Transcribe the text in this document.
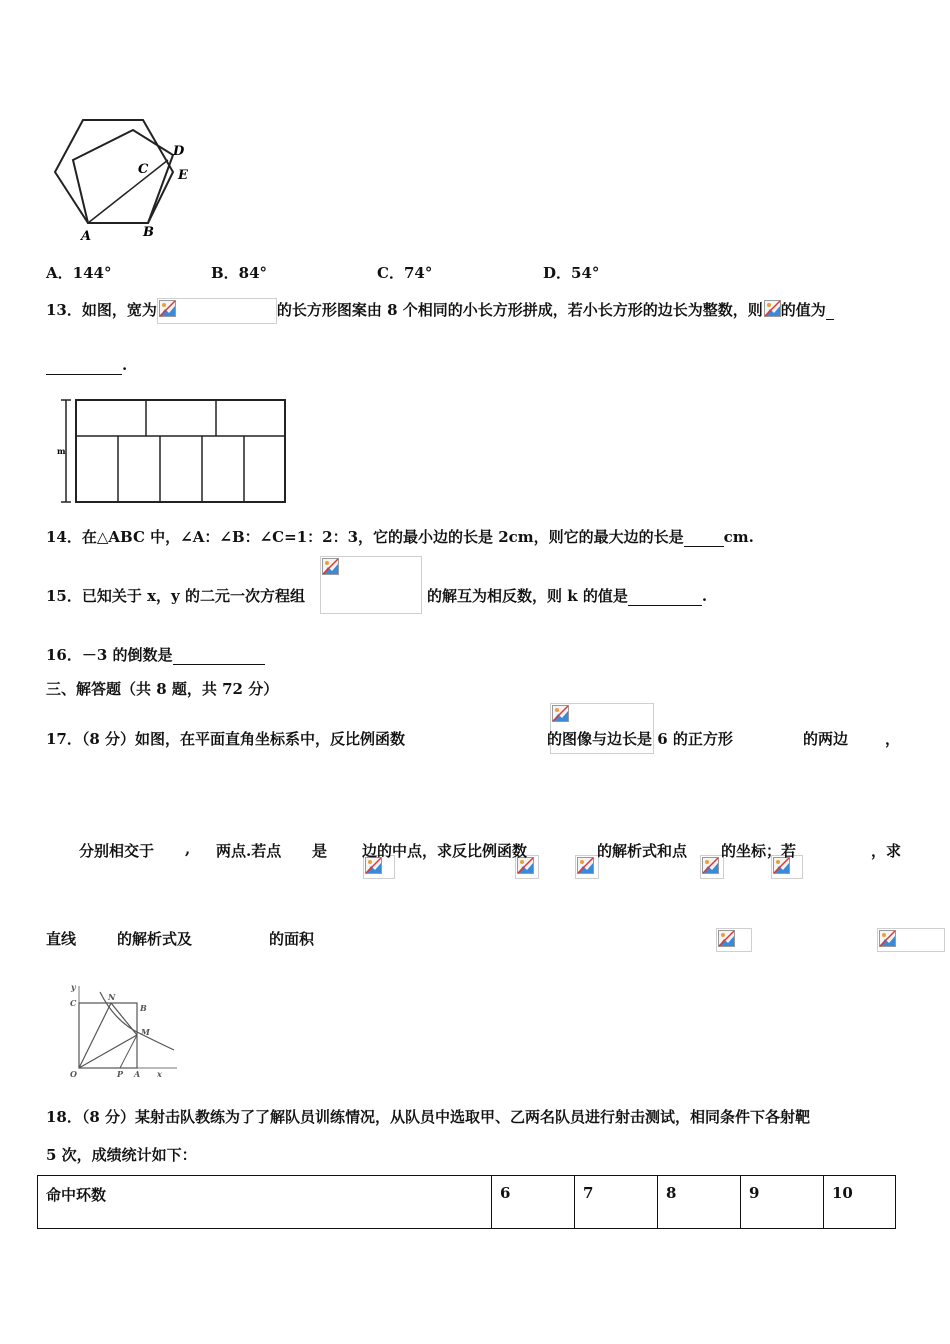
A	B
C
D
E
A．144°	B．84°	C．74°	D．54°
13．如图，宽为	的长方形图案由 8 个相同的小长方形拼成，若小长方形的边长为整数，则 的值为
.
m
14．在△ABC 中，∠A：∠B：∠C=1：2：3，它的最小边的长是 2cm，则它的最大边的长是	cm.
15．已知关于 x，y 的二元一次方程组
	的解互为相反数，则 k 的值是	.
16．－3 的倒数是
三、解答题（共 8 题，共 72 分）
17．（8 分）如图，在平面直角坐标系中，反比例函数
	的图像与边长是 6 的正方形
	的两边
，

分别相交于
,
两点.若点
是
边的中点，求反比例函数
	的解析式和点
的坐标；若
	，求
直线
	的解析式及	的面积
y
C
N
B
M
O	P A x
18．（8 分）某射击队教练为了了解队员训练情况，从队员中选取甲、乙两名队员进行射击测试，相同条件下各射靶
5 次，成绩统计如下：
命中环数	6	7	8	9	10
